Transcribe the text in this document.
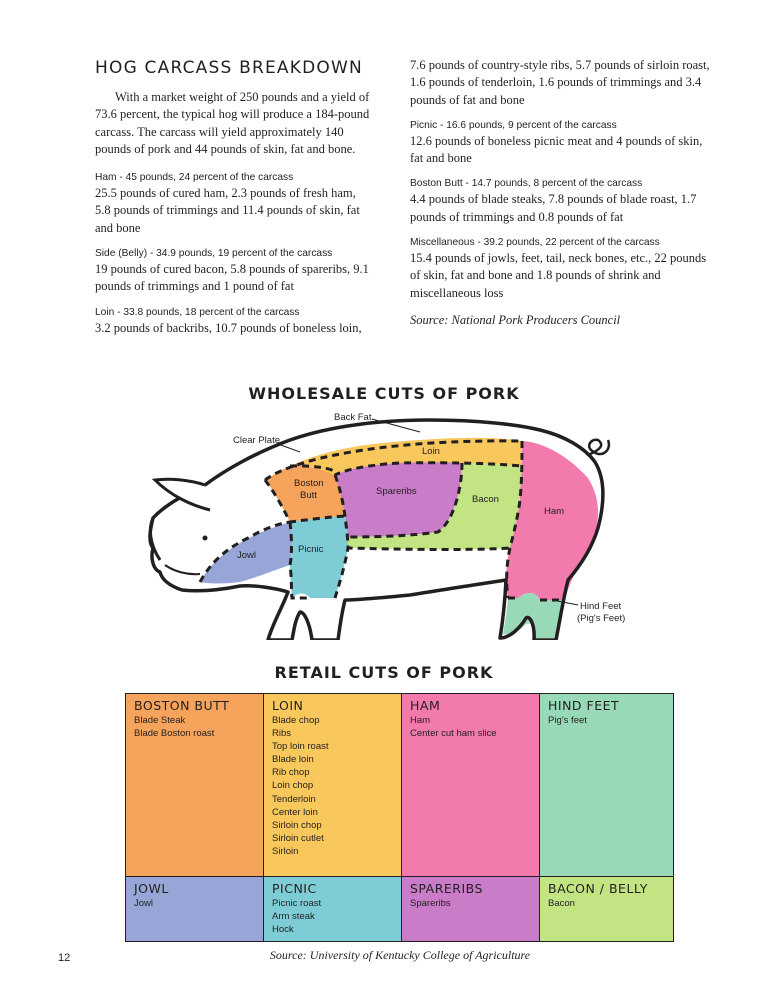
HOG CARCASS BREAKDOWN

With a market weight of 250 pounds and a yield of 73.6 percent, the typical hog will produce a 184-pound carcass. The carcass will yield approximately 140 pounds of pork and 44 pounds of skin, fat and bone.

Ham - 45 pounds, 24 percent of the carcass

25.5 pounds of cured ham, 2.3 pounds of fresh ham, 5.8 pounds of trimmings and 11.4 pounds of skin, fat and bone

Side (Belly) - 34.9 pounds, 19 percent of the carcass

19 pounds of cured bacon, 5.8 pounds of spareribs, 9.1 pounds of trimmings and 1 pound of fat

Loin - 33.8 pounds, 18 percent of the carcass

3.2 pounds of backribs, 10.7 pounds of boneless loin,

7.6 pounds of country-style ribs, 5.7 pounds of sirloin roast, 1.6 pounds of tenderloin, 1.6 pounds of trimmings and 3.4 pounds of fat and bone

Picnic - 16.6 pounds, 9 percent of the carcass

12.6 pounds of boneless picnic meat and 4 pounds of skin, fat and bone

Boston Butt - 14.7 pounds, 8 percent of the carcass

4.4 pounds of blade steaks, 7.8 pounds of blade roast, 1.7 pounds of trimmings and 0.8 pounds of fat

Miscellaneous - 39.2 pounds, 22 percent of the carcass

15.4 pounds of jowls, feet, tail, neck bones, etc., 22 pounds of skin, fat and bone and 1.8 pounds of shrink and miscellaneous loss

Source: National Pork Producers Council

WHOLESALE CUTS OF PORK
Back Fat
Clear Plate
Loin
Boston
Butt	Spareribs
Bacon
Ham
Jowl
Picnic
Hind Feet
(Pig's Feet)
RETAIL CUTS OF PORK
BOSTON BUTT
Blade Steak
Blade Boston roast
LOIN
Blade chop
Ribs
Top loin roast
Blade loin
Rib chop
Loin chop
Tenderloin
Center loin
Sirloin chop
Sirloin cutlet
Sirloin
HAM
Ham
Center cut ham slice
HIND FEET
Pig’s feet
JOWL
Jowl
PICNIC
Picnic roast
Arm steak
Hock
SPARERIBS
Spareribs
BACON / BELLY
Bacon
Source: University of Kentucky College of Agriculture
12
